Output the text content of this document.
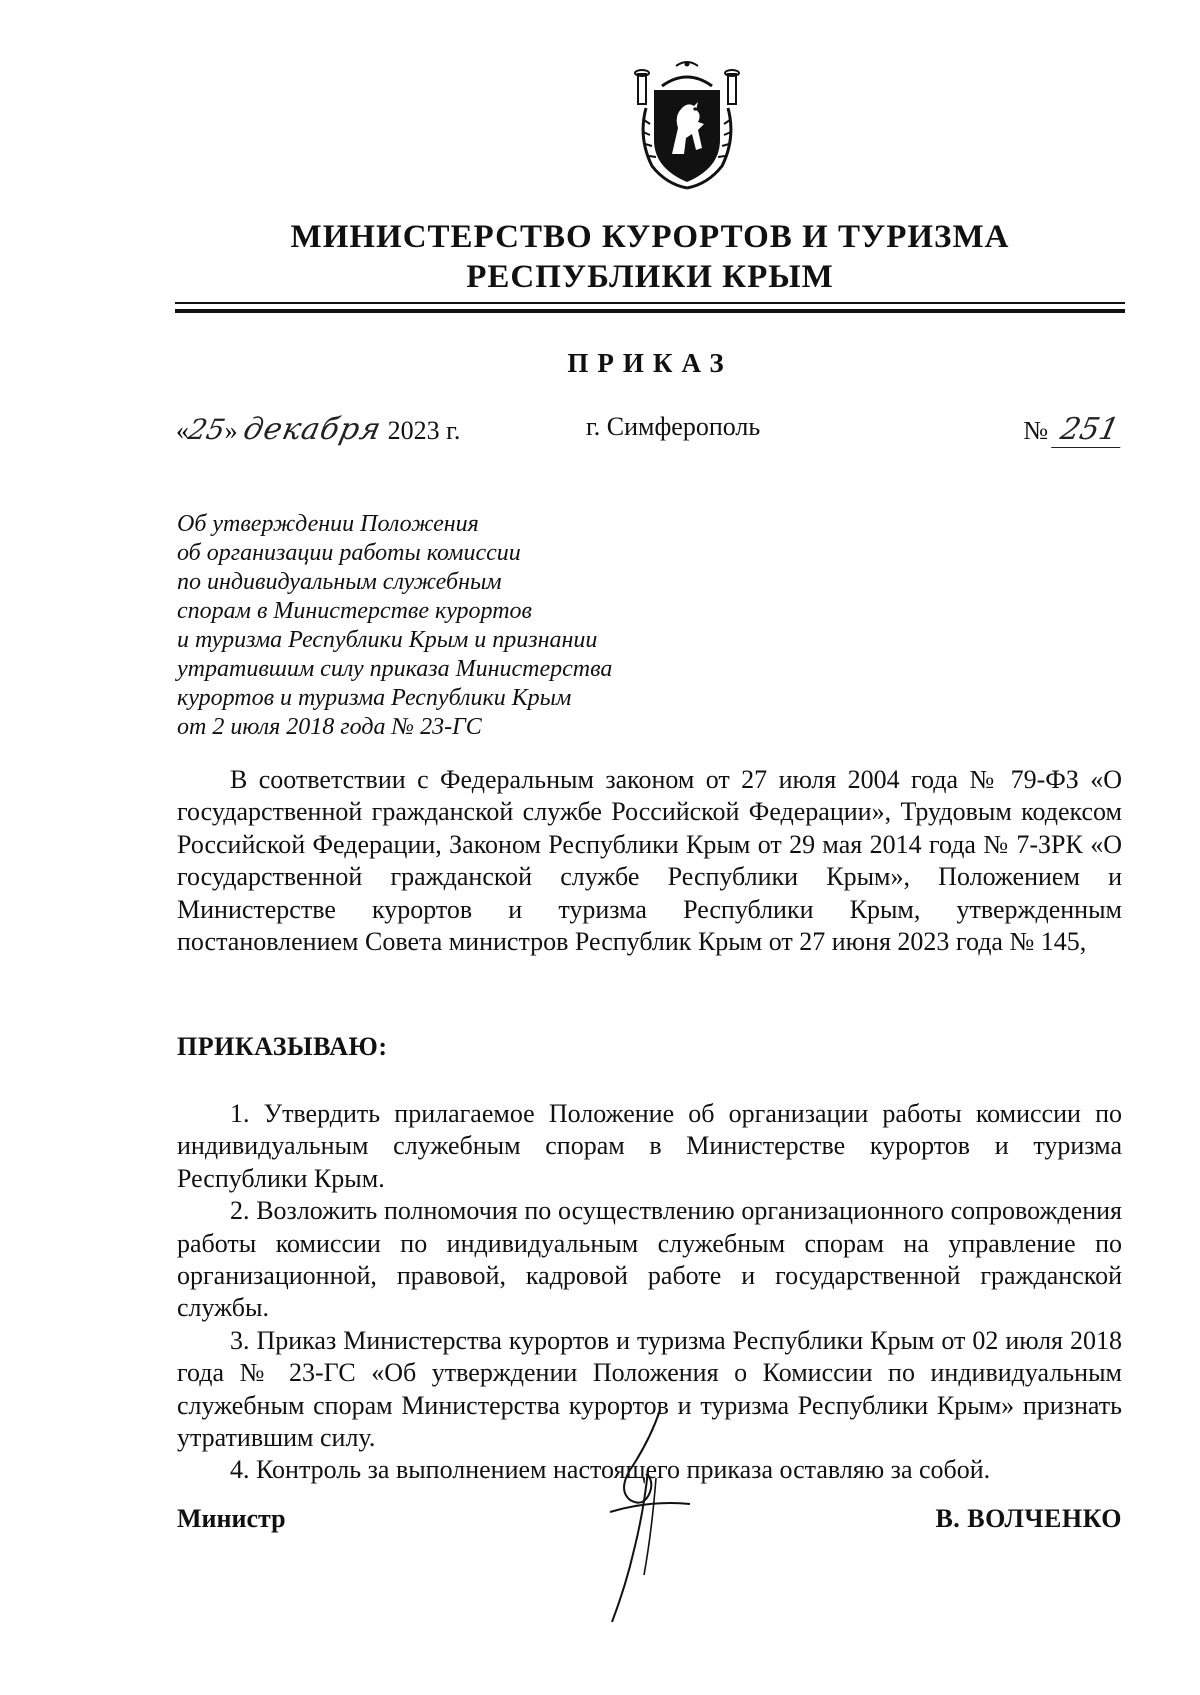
МИНИСТЕРСТВО КУРОРТОВ И ТУРИЗМА
РЕСПУБЛИКИ КРЫМ
ПРИКАЗ
«25» декабря 2023 г.	г. Симферополь	№ 251
Об утверждении Положения
об организации работы комиссии
по индивидуальным служебным
спорам в Министерстве курортов
и туризма Республики Крым и признании
утратившим силу приказа Министерства
курортов и туризма Республики Крым
от 2 июля 2018 года № 23-ГС

В соответствии с Федеральным законом от 27 июля 2004 года № 79-ФЗ «О государственной гражданской службе Российской Федерации», Трудовым кодексом Российской Федерации, Законом Республики Крым от 29 мая 2014 года № 7-ЗРК «О государственной гражданской службе Республики Крым», Положением и Министерстве курортов и туризма Республики Крым, утвержденным постановлением Совета министров Республик Крым от 27 июня 2023 года № 145,

ПРИКАЗЫВАЮ:

1. Утвердить прилагаемое Положение об организации работы комиссии по индивидуальным служебным спорам в Министерстве курортов и туризма Республики Крым.

2. Возложить полномочия по осуществлению организационного сопровождения работы комиссии по индивидуальным служебным спорам на управление по организационной, правовой, кадровой работе и государственной гражданской службы.

3. Приказ Министерства курортов и туризма Республики Крым от 02 июля 2018 года № 23-ГС «Об утверждении Положения о Комиссии по индивидуальным служебным спорам Министерства курортов и туризма Республики Крым» признать утратившим силу.

4. Контроль за выполнением настоящего приказа оставляю за собой.

Министр	В. ВОЛЧЕНКО
